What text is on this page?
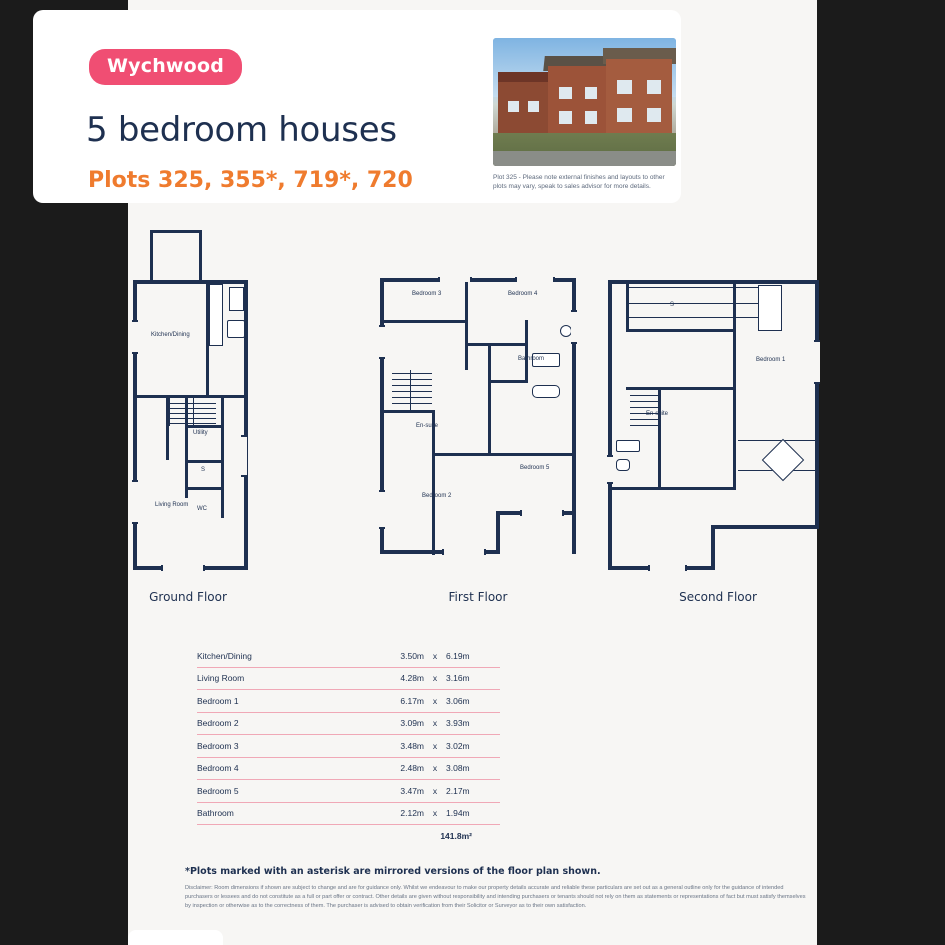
Wychwood
5 bedroom houses
Plots 325, 355*, 719*, 720	Plot 325 - Please note external finishes and layouts to other plots may vary, speak to sales advisor for more details.
Kitchen/Dining
Living Room
Utility
S
WC
Ground Floor
Bedroom 3	Bedroom 4
Bathroom
En-suite
Bedroom 2
Bedroom 5
First Floor
Bedroom 1
En-suite
S
Second Floor
Kitchen/Dining	3.50m	x	6.19m
Living Room	4.28m	x	3.16m
Bedroom 1	6.17m	x	3.06m
Bedroom 2	3.09m	x	3.93m
Bedroom 3	3.48m	x	3.02m
Bedroom 4	2.48m	x	3.08m
Bedroom 5	3.47m	x	2.17m
Bathroom	2.12m	x	1.94m
141.8m²
*Plots marked with an asterisk are mirrored versions of the floor plan shown.
Disclaimer: Room dimensions if shown are subject to change and are for guidance only. Whilst we endeavour to make our property details accurate and reliable these particulars are set out as a general outline only for the guidance of intended purchasers or lessees and do not constitute as a full or part offer or contract. Other details are given without responsibility and intending purchasers or tenants should not rely on them as statements or representations of fact but must satisfy themselves by inspection or otherwise as to the correctness of them. The purchaser is advised to obtain verification from their Solicitor or Surveyor as to their own satisfaction.
